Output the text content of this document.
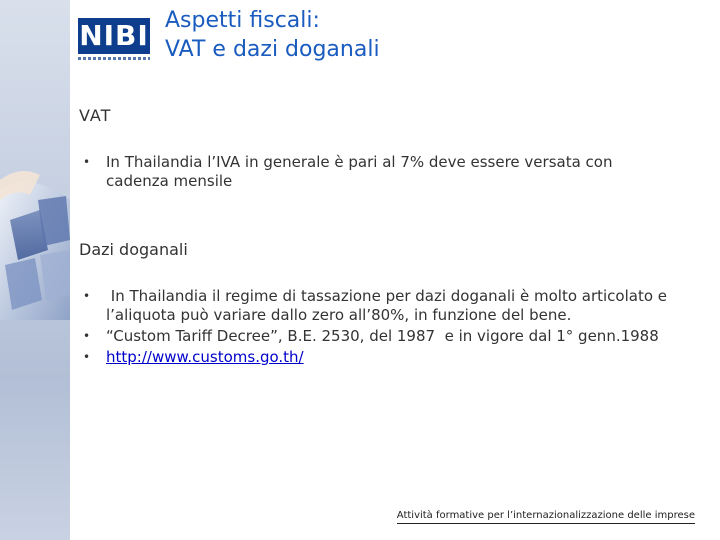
NIBI Aspetti fiscali:
VAT e dazi doganali
VAT
• In Thailandia l’IVA in generale è pari al 7% deve essere versata con cadenza mensile
Dazi doganali
• In Thailandia il regime di tassazione per dazi doganali è molto articolato e l’aliquota può variare dallo zero all’80%, in funzione del bene.
• “Custom Tariff Decree”, B.E. 2530, del 1987  e in vigore dal 1° genn.1988
• http://www.customs.go.th/
Attività formative per l’internazionalizzazione delle imprese
